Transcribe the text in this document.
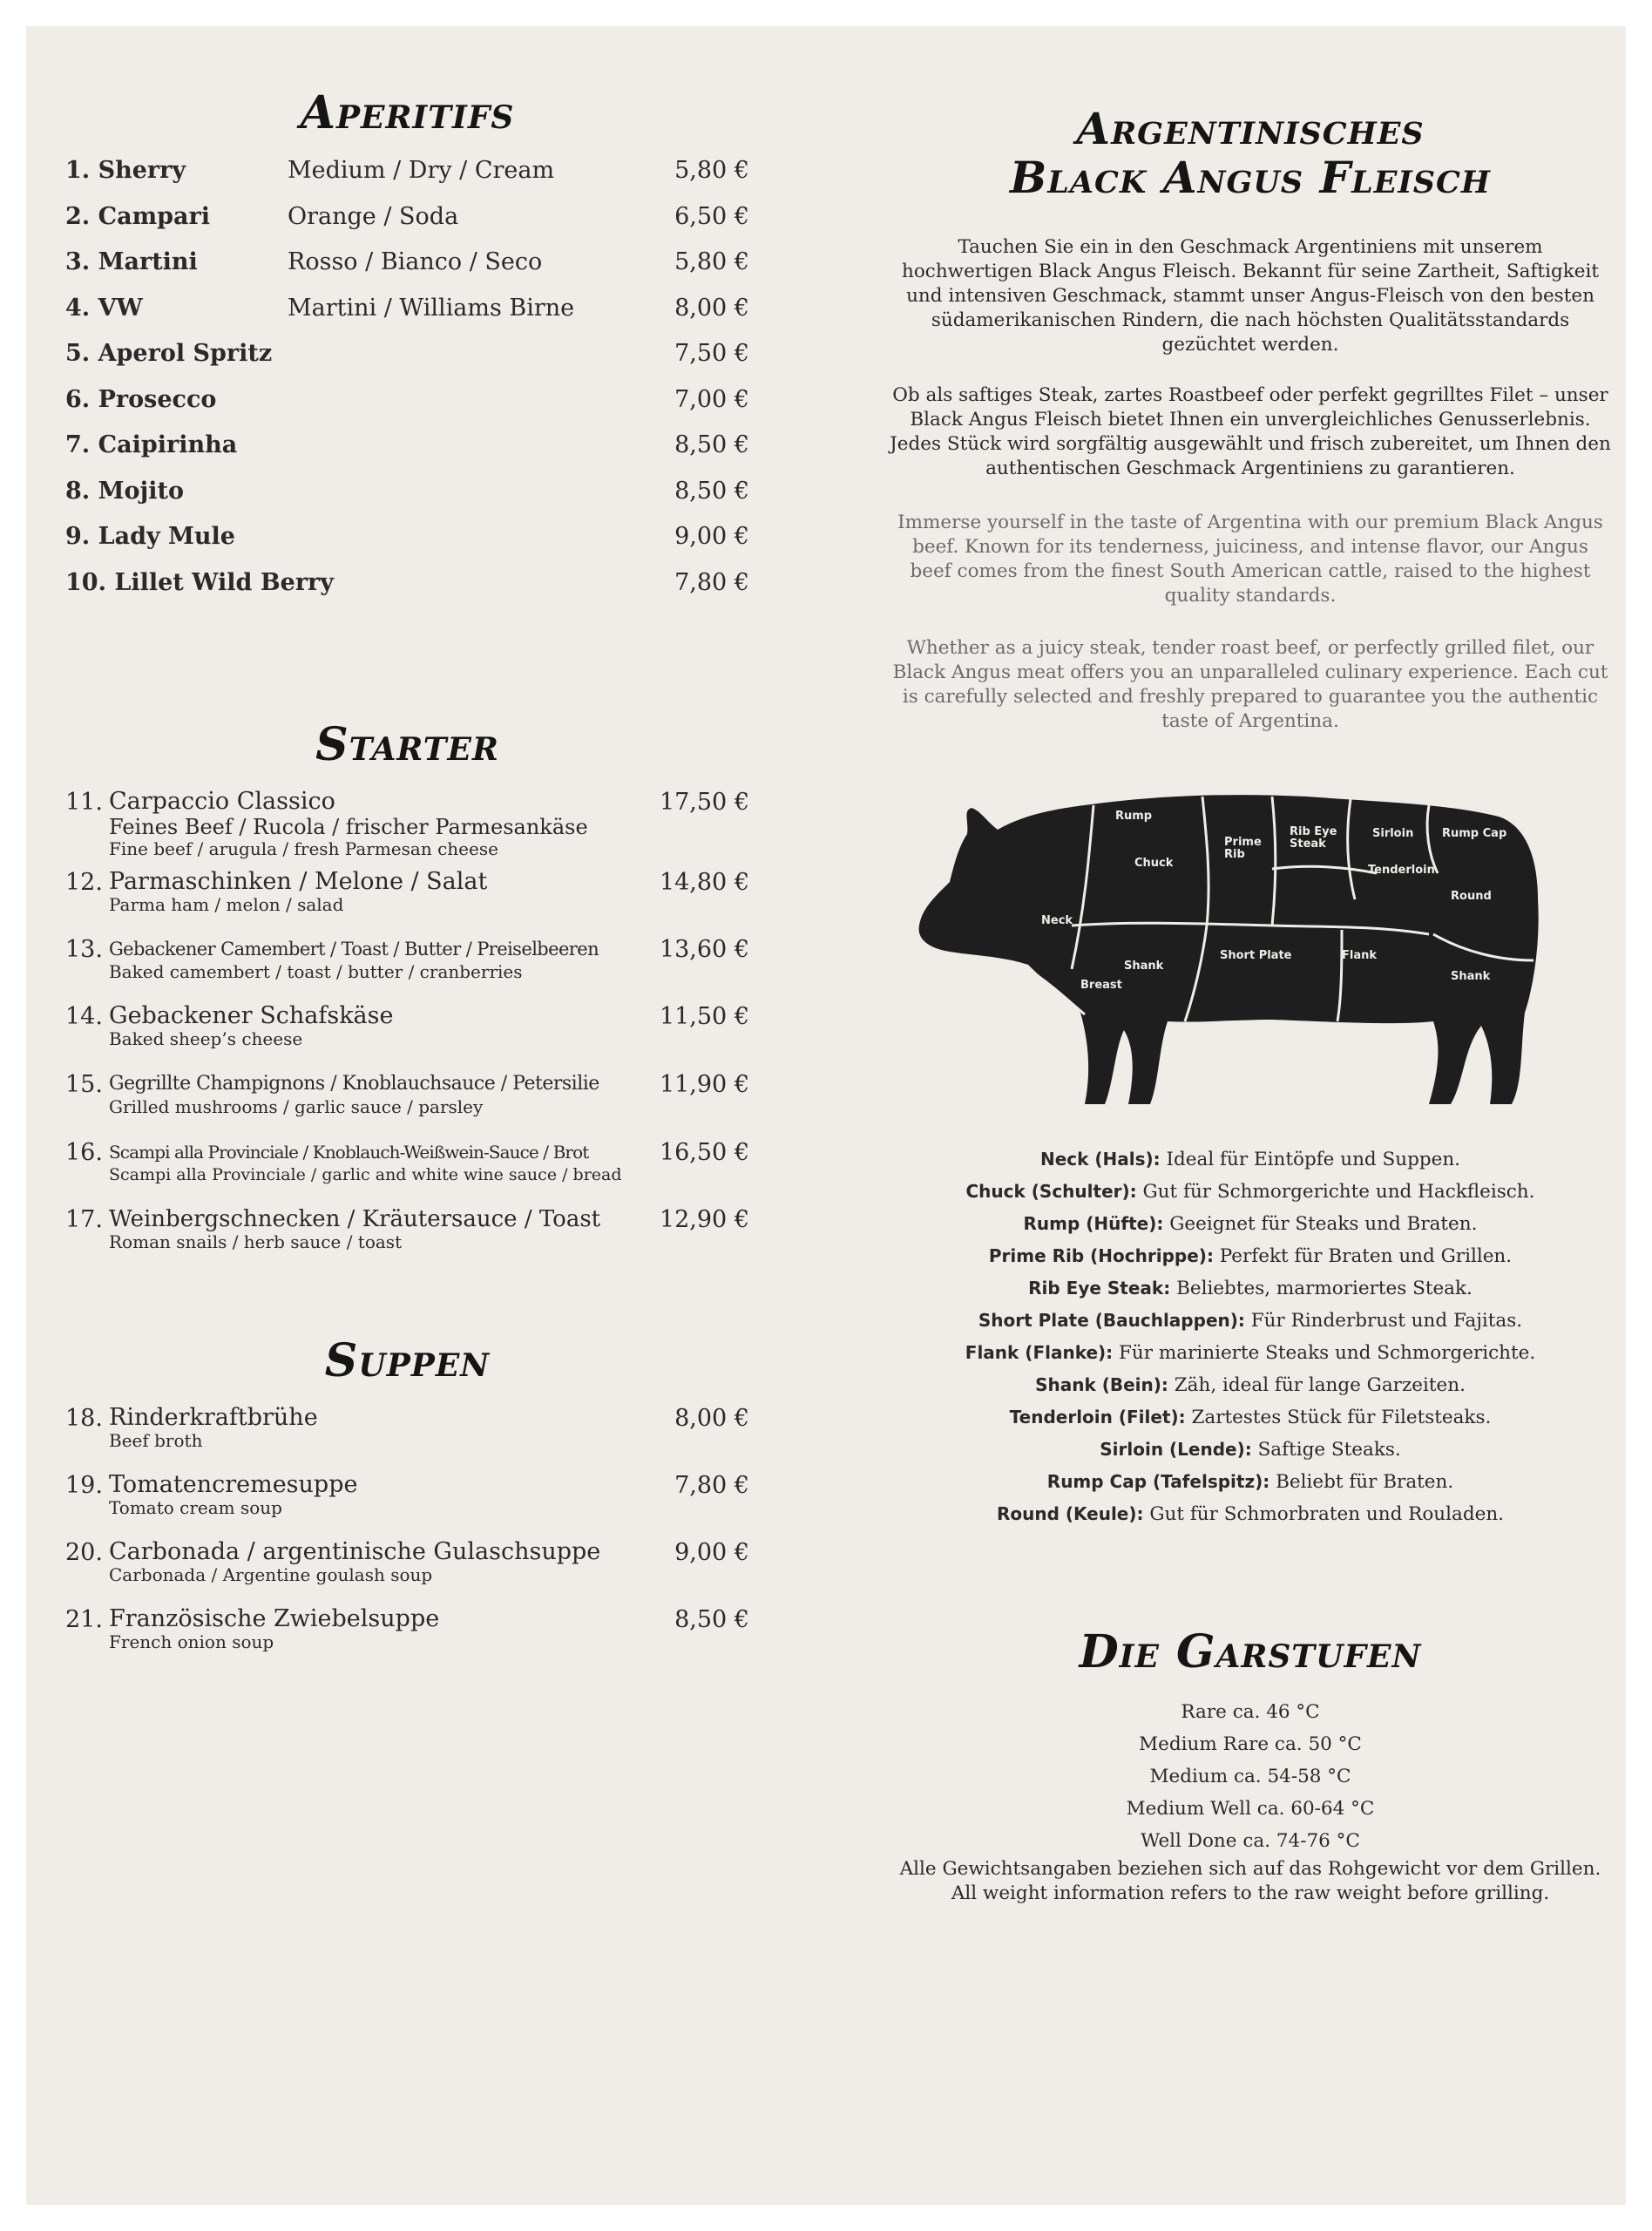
Aperitifs
1. Sherry	Medium / Dry / Cream	5,80 €
2. Campari	Orange / Soda	6,50 €
3. Martini	Rosso / Bianco / Seco	5,80 €
4. VW	Martini / Williams Birne	8,00 €
5. Aperol Spritz	7,50 €
6. Prosecco	7,00 €
7. Caipirinha	8,50 €
8. Mojito	8,50 €
9. Lady Mule	9,00 €
10. Lillet Wild Berry	7,80 €
Starter
11. Carpaccio Classico
Feines Beef / Rucola / frischer Parmesankäse
Fine beef / arugula / fresh Parmesan cheese
17,50 €
12. Parmaschinken / Melone / Salat
Parma ham / melon / salad
14,80 €
13. Gebackener Camembert / Toast / Butter / Preiselbeeren
Baked camembert / toast / butter / cranberries
13,60 €
14. Gebackener Schafskäse
Baked sheep’s cheese
11,50 €
15. Gegrillte Champignons / Knoblauchsauce / Petersilie
Grilled mushrooms / garlic sauce / parsley
11,90 €
16. Scampi alla Provinciale / Knoblauch-Weißwein-Sauce / Brot
Scampi alla Provinciale / garlic and white wine sauce / bread
16,50 €
17. Weinbergschnecken / Kräutersauce / Toast
Roman snails / herb sauce / toast
12,90 €
Suppen
18. Rinderkraftbrühe
Beef broth
8,00 €
19. Tomatencremesuppe
Tomato cream soup
7,80 €
20. Carbonada / argentinische Gulaschsuppe
Carbonada / Argentine goulash soup
9,00 €
21. Französische Zwiebelsuppe
French onion soup
8,50 €
Argentinisches
Black Angus Fleisch

Tauchen Sie ein in den Geschmack Argentiniens mit unserem hochwertigen Black Angus Fleisch. Bekannt für seine Zartheit, Saftigkeit und intensiven Geschmack, stammt unser Angus-Fleisch von den besten südamerikanischen Rindern, die nach höchsten Qualitätsstandards gezüchtet werden.

Ob als saftiges Steak, zartes Roastbeef oder perfekt gegrilltes Filet – unser Black Angus Fleisch bietet Ihnen ein unvergleichliches Genusserlebnis. Jedes Stück wird sorgfältig ausgewählt und frisch zubereitet, um Ihnen den authentischen Geschmack Argentiniens zu garantieren.

Immerse yourself in the taste of Argentina with our premium Black Angus beef. Known for its tenderness, juiciness, and intense flavor, our Angus beef comes from the finest South American cattle, raised to the highest quality standards.

Whether as a juicy steak, tender roast beef, or perfectly grilled filet, our Black Angus meat offers you an unparalleled culinary experience. Each cut is carefully selected and freshly prepared to guarantee you the authentic taste of Argentina.

Rump
Chuck
Prime
Rib
Rib Eye
Steak
Sirloin	Rump Cap
Tenderloin
Round
Neck
Breast
Shank
Short Plate	Flank
Shank
Neck (Hals): Ideal für Eintöpfe und Suppen.
Chuck (Schulter): Gut für Schmorgerichte und Hackfleisch.
Rump (Hüfte): Geeignet für Steaks und Braten.
Prime Rib (Hochrippe): Perfekt für Braten und Grillen.
Rib Eye Steak: Beliebtes, marmoriertes Steak.
Short Plate (Bauchlappen): Für Rinderbrust und Fajitas.
Flank (Flanke): Für marinierte Steaks und Schmorgerichte.
Shank (Bein): Zäh, ideal für lange Garzeiten.
Tenderloin (Filet): Zartestes Stück für Filetsteaks.
Sirloin (Lende): Saftige Steaks.
Rump Cap (Tafelspitz): Beliebt für Braten.
Round (Keule): Gut für Schmorbraten und Rouladen.
Die Garstufen
Rare ca. 46 °C
Medium Rare ca. 50 °C
Medium ca. 54-58 °C
Medium Well ca. 60-64 °C
Well Done ca. 74-76 °C
Alle Gewichtsangaben beziehen sich auf das Rohgewicht vor dem Grillen.
All weight information refers to the raw weight before grilling.
